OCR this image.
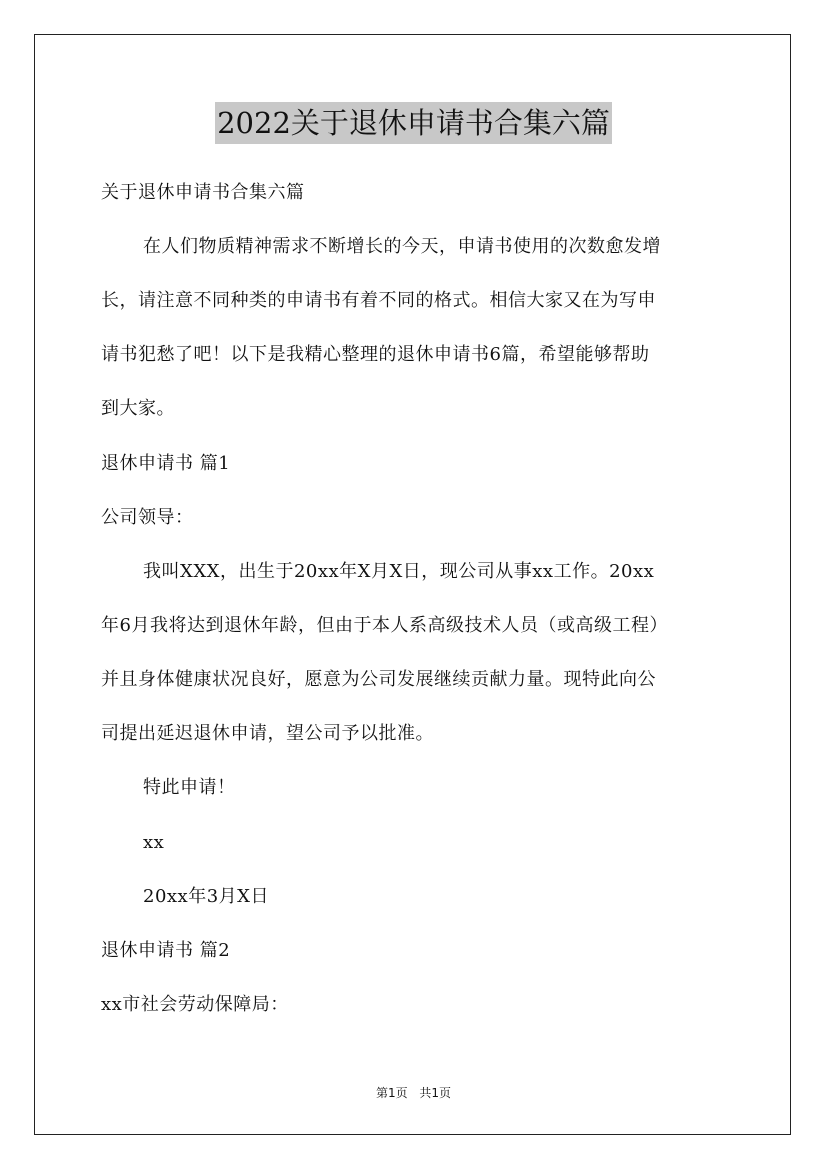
2022关于退休申请书合集六篇
关于退休申请书合集六篇
在人们物质精神需求不断增长的今天，申请书使用的次数愈发增
长，请注意不同种类的申请书有着不同的格式。相信大家又在为写申
请书犯愁了吧！以下是我精心整理的退休申请书6篇，希望能够帮助
到大家。
退休申请书 篇1
公司领导：
我叫XXX，出生于20xx年X月X日，现公司从事xx工作。20xx
年6月我将达到退休年龄，但由于本人系高级技术人员（或高级工程）
并且身体健康状况良好，愿意为公司发展继续贡献力量。现特此向公
司提出延迟退休申请，望公司予以批准。
特此申请！
xx
20xx年3月X日
退休申请书 篇2
xx市社会劳动保障局：
第1页 共1页
